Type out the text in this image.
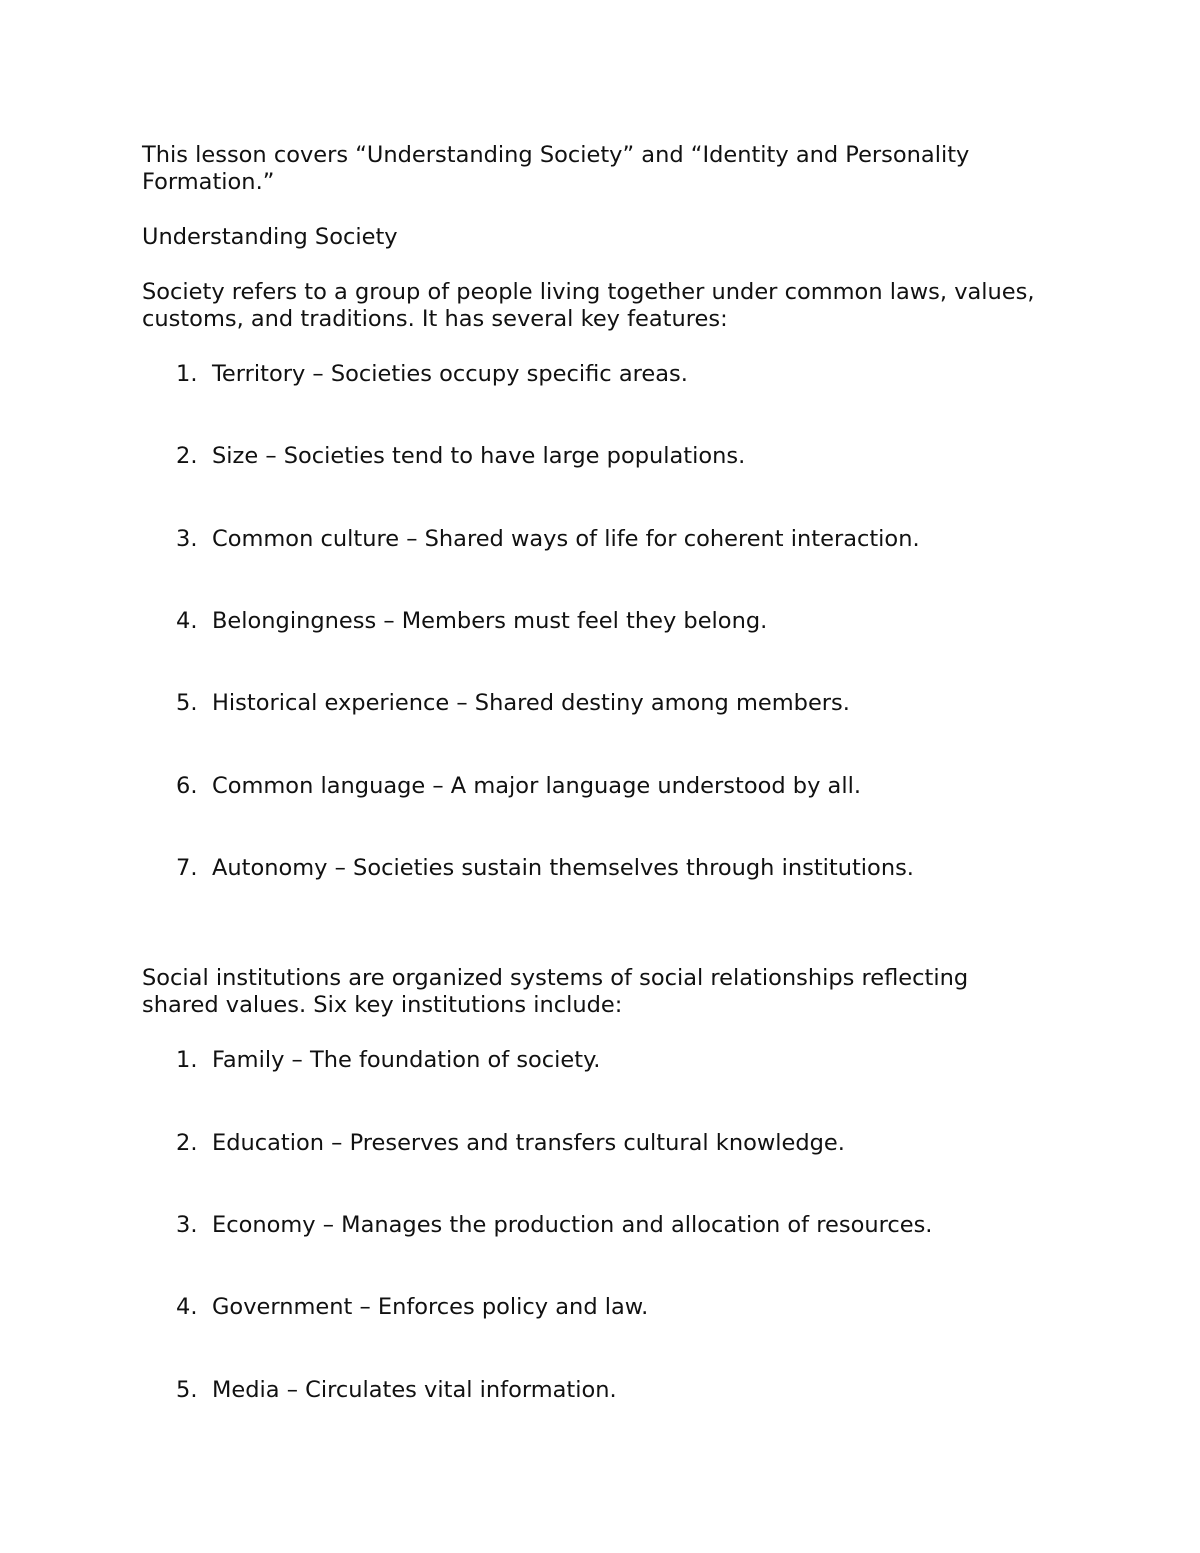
This lesson covers “Understanding Society” and “Identity and Personality Formation.”

Understanding Society

Society refers to a group of people living together under common laws, values, customs, and traditions. It has several key features:

1. Territory – Societies occupy specific areas.
2. Size – Societies tend to have large populations.
3. Common culture – Shared ways of life for coherent interaction.
4. Belongingness – Members must feel they belong.
5. Historical experience – Shared destiny among members.
6. Common language – A major language understood by all.
7. Autonomy – Societies sustain themselves through institutions.

Social institutions are organized systems of social relationships reflecting shared values. Six key institutions include:

1. Family – The foundation of society.
2. Education – Preserves and transfers cultural knowledge.
3. Economy – Manages the production and allocation of resources.
4. Government – Enforces policy and law.
5. Media – Circulates vital information.
